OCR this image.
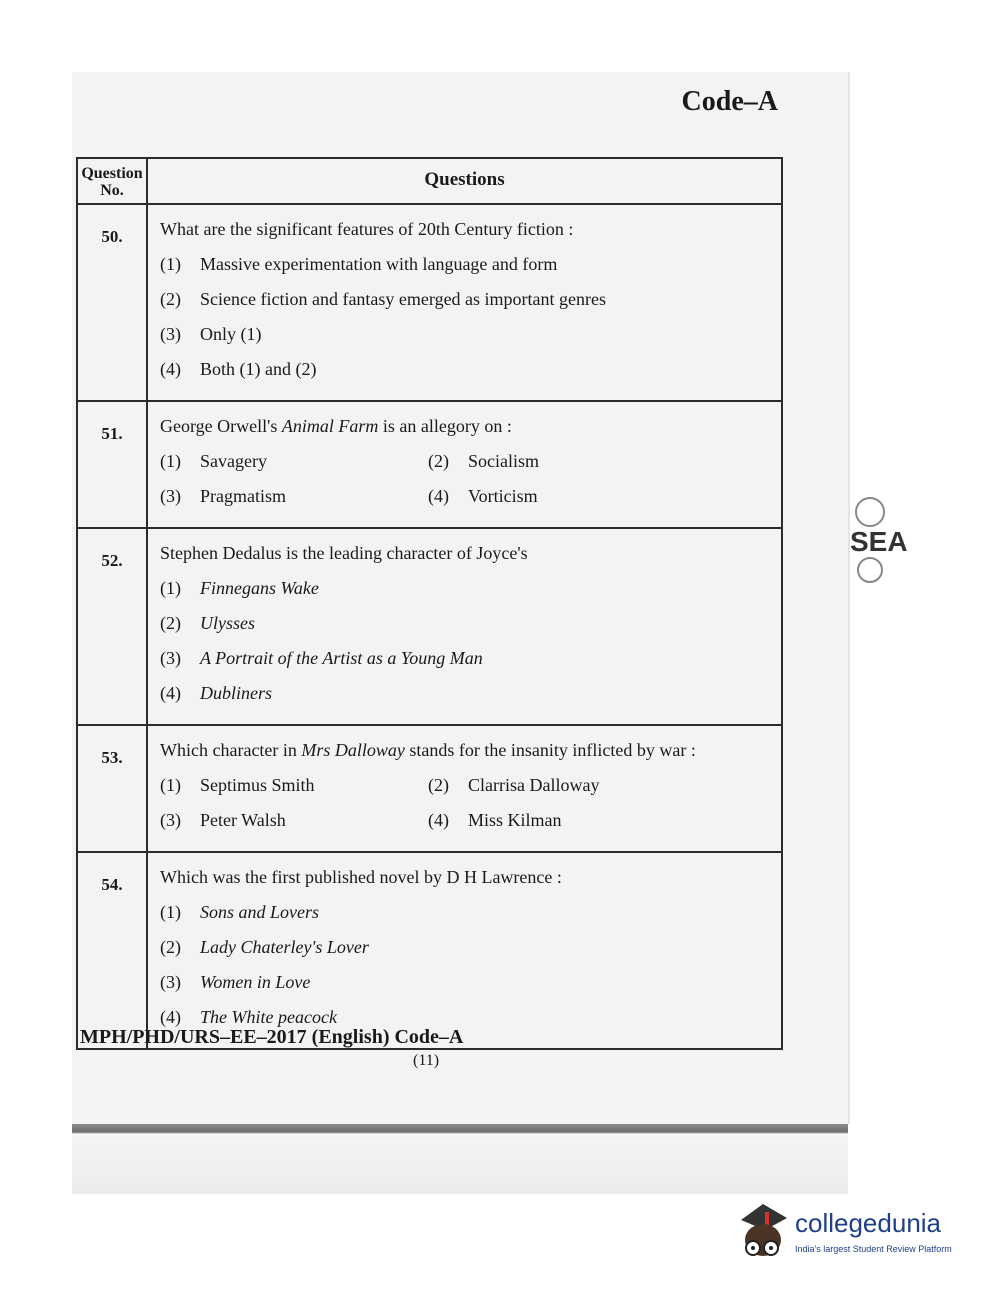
Code–A
Question No.	Questions
50.	What are the significant features of 20th Century fiction :
(1) Massive experimentation with language and form
(2) Science fiction and fantasy emerged as important genres
(3) Only (1)
(4) Both (1) and (2)

51.	George Orwell's Animal Farm is an allegory on :
(1) Savagery (2) Socialism
(3) Pragmatism (4) Vorticism

52.	Stephen Dedalus is the leading character of Joyce's
(1) Finnegans Wake
(2) Ulysses
(3) A Portrait of the Artist as a Young Man
(4) Dubliners

53.	Which character in Mrs Dalloway stands for the insanity inflicted by war :
(1) Septimus Smith (2) Clarrisa Dalloway
(3) Peter Walsh (4) Miss Kilman

54.	Which was the first published novel by D H Lawrence :
(1) Sons and Lovers
(2) Lady Chaterley's Lover
(3) Women in Love
(4) The White peacock
MPH/PHD/URS–EE–2017 (English) Code–A
(11)
SEA
collegedunia
India's largest Student Review Platform
